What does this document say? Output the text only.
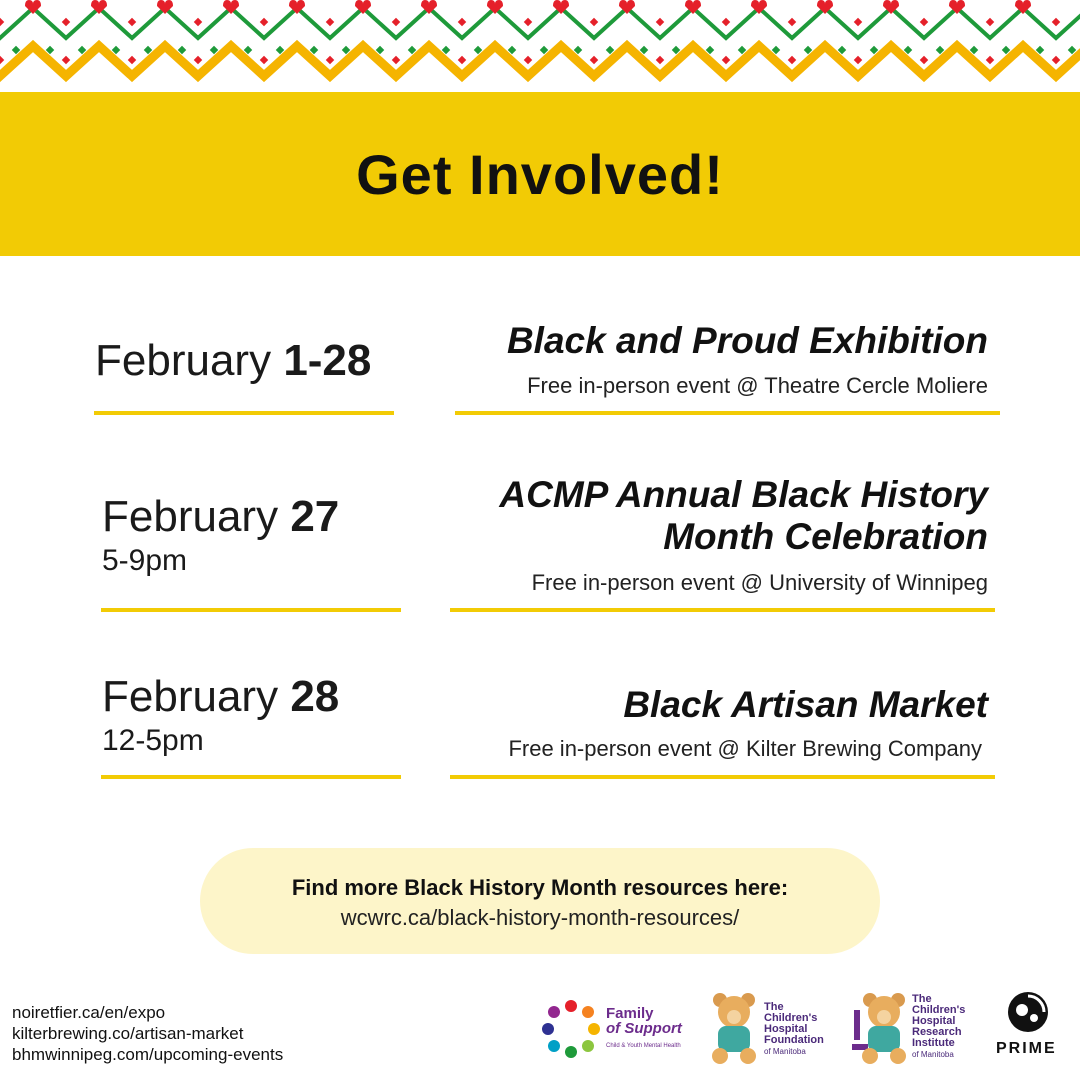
Get Involved!
February 1-28	Black and Proud Exhibition
Free in-person event @ Theatre Cercle Moliere
February 27
5-9pm
ACMP Annual Black History
Month Celebration
Free in-person event @ University of Winnipeg
February 28
12-5pm
Black Artisan Market
Free in-person event @ Kilter Brewing Company
Find more Black History Month resources here:
wcwrc.ca/black-history-month-resources/
noiretfier.ca/en/expo
kilterbrewing.co/artisan-market
bhmwinnipeg.com/upcoming-events
Family
of Support
Child & Youth Mental Health
The
Children's
Hospital
Foundation
of Manitoba
The
Children's
Hospital
Research
Institute
of Manitoba	PRIME
